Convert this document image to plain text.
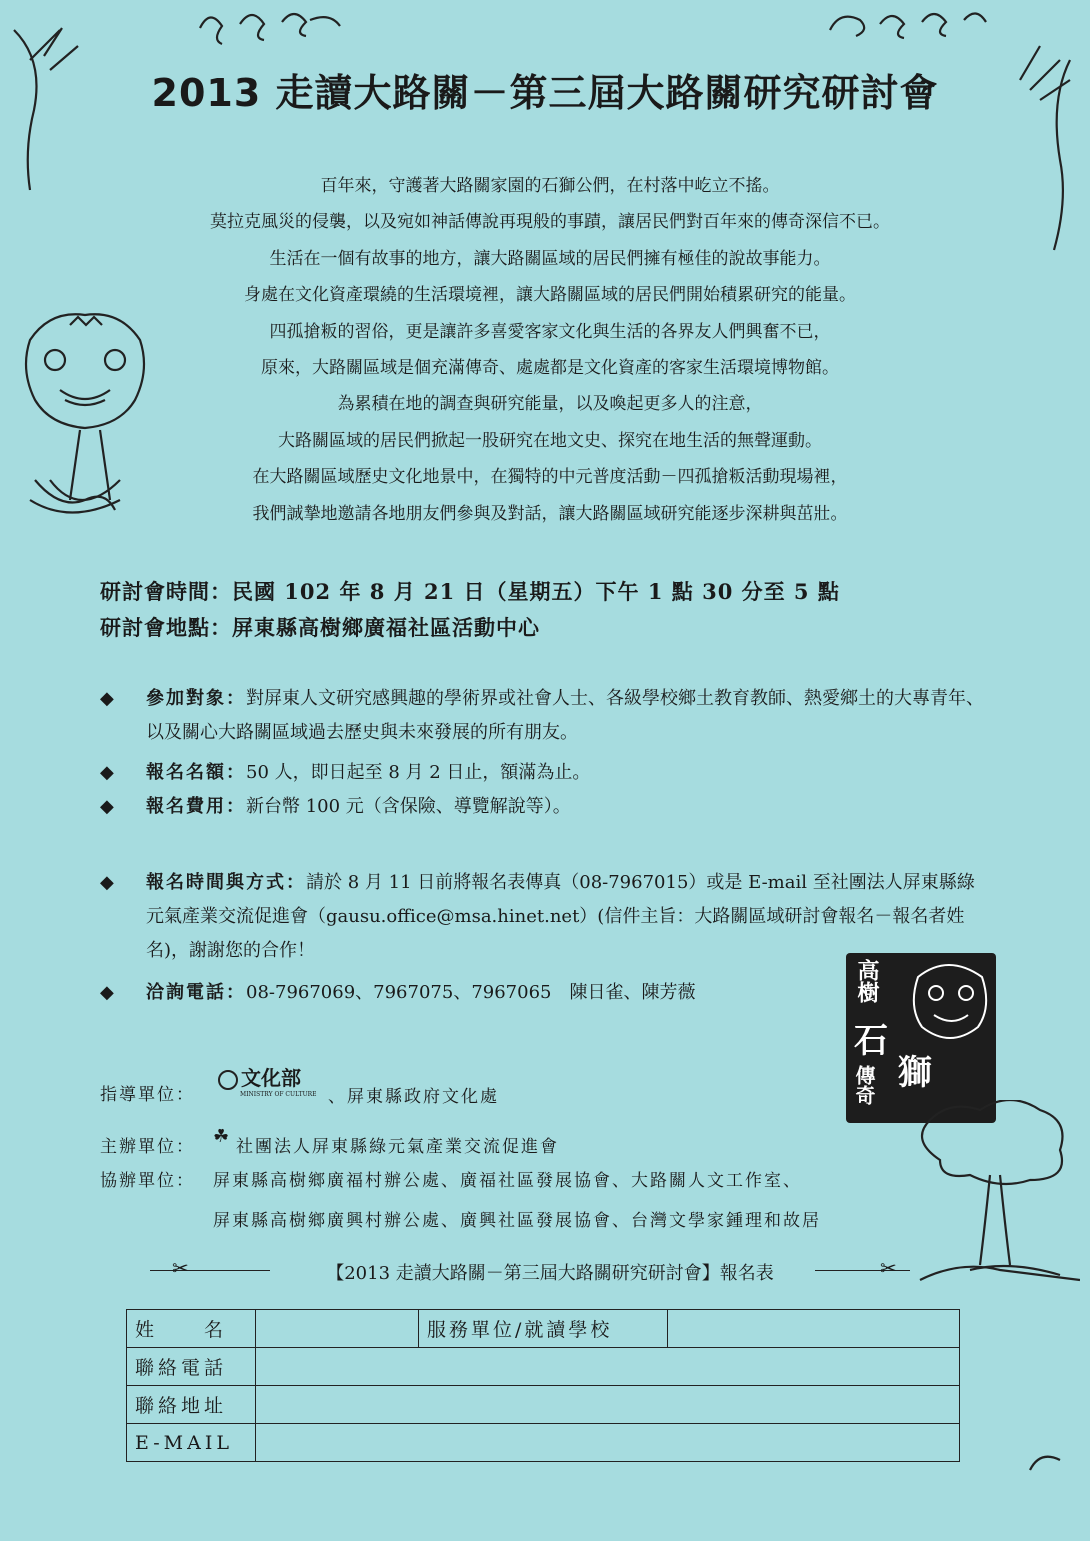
2013 走讀大路關－第三屆大路關研究研討會
百年來，守護著大路關家園的石獅公們，在村落中屹立不搖。
莫拉克風災的侵襲，以及宛如神話傳說再現般的事蹟，讓居民們對百年來的傳奇深信不已。
生活在一個有故事的地方，讓大路關區域的居民們擁有極佳的說故事能力。
身處在文化資產環繞的生活環境裡，讓大路關區域的居民們開始積累研究的能量。
四孤搶粄的習俗，更是讓許多喜愛客家文化與生活的各界友人們興奮不已，
原來，大路關區域是個充滿傳奇、處處都是文化資產的客家生活環境博物館。
為累積在地的調查與研究能量，以及喚起更多人的注意，
大路關區域的居民們掀起一股研究在地文史、探究在地生活的無聲運動。
在大路關區域歷史文化地景中，在獨特的中元普度活動－四孤搶粄活動現場裡，
我們誠摯地邀請各地朋友們參與及對話，讓大路關區域研究能逐步深耕與茁壯。
研討會時間：民國 102 年 8 月 21 日（星期五）下午 1 點 30 分至 5 點
研討會地點：屏東縣高樹鄉廣福社區活動中心
◆ 參加對象：對屏東人文研究感興趣的學術界或社會人士、各級學校鄉土教育教師、熱愛鄉土的大專青年、以及關心大路關區域過去歷史與未來發展的所有朋友。
◆ 報名名額：50 人，即日起至 8 月 2 日止，額滿為止。
◆ 報名費用：新台幣 100 元（含保險、導覽解說等）。
◆ 報名時間與方式：請於 8 月 11 日前將報名表傳真（08-7967015）或是 E-mail 至社團法人屏東縣綠元氣產業交流促進會（gausu.office@msa.hinet.net）(信件主旨：大路關區域研討會報名－報名者姓名)，謝謝您的合作！
◆ 洽詢電話：08-7967069、7967075、7967065　陳日雀、陳芳薇	高樹
石
獅
傳奇
指導單位：
文化部
MINISTRY OF CULTURE 、屏東縣政府文化處
主辦單位： ☘ 社團法人屏東縣綠元氣產業交流促進會
協辦單位： 屏東縣高樹鄉廣福村辦公處、廣福社區發展協會、大路關人文工作室、
屏東縣高樹鄉廣興村辦公處、廣興社區發展協會、台灣文學家鍾理和故居
✂	【2013 走讀大路關－第三屆大路關研究研討會】報名表	✂
姓　　名		服務單位/就讀學校	
聯絡電話			
聯絡地址			
E-MAIL			
